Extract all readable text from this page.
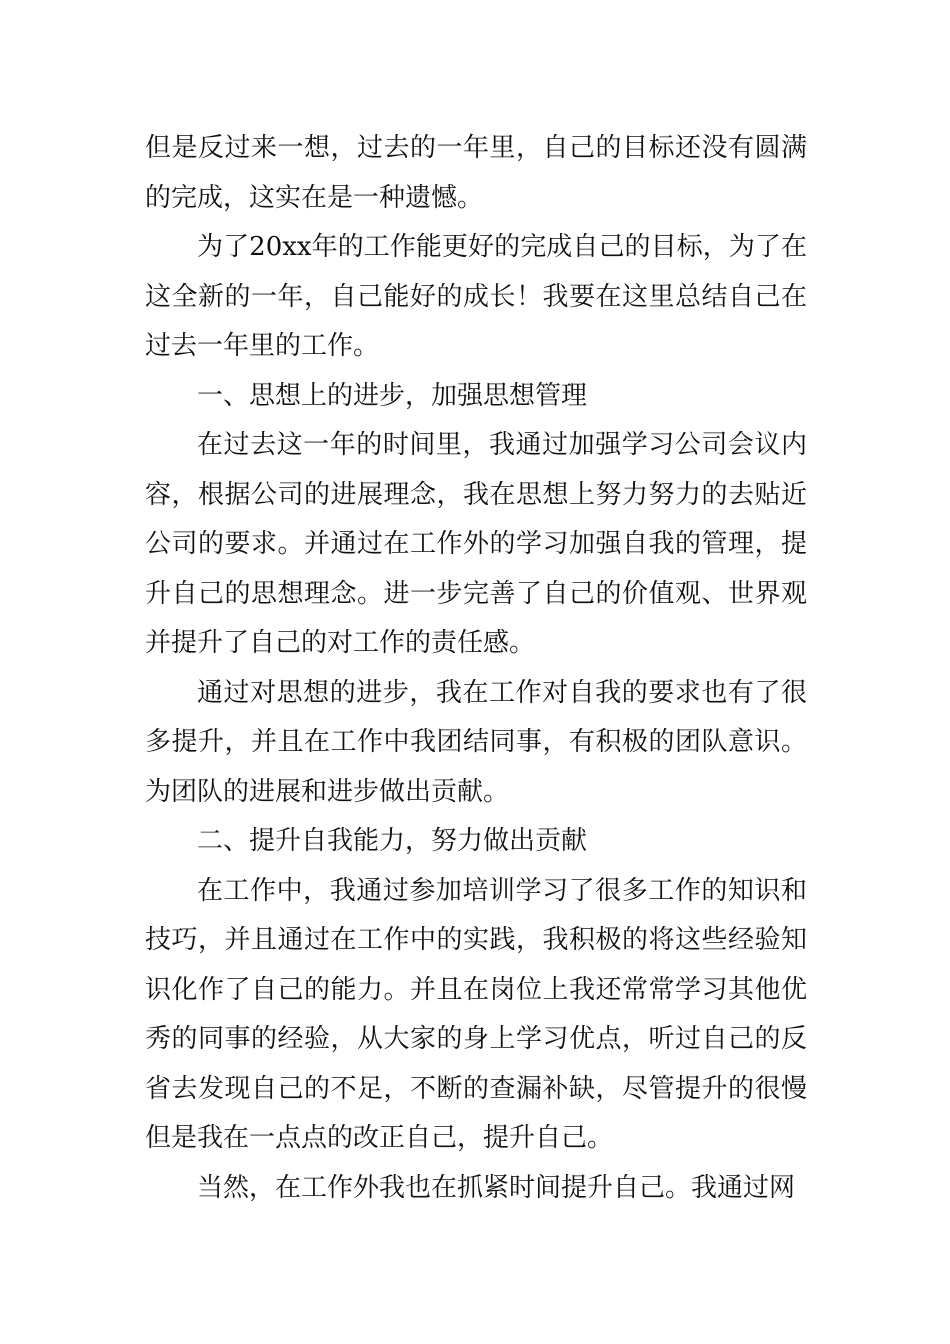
但是反过来一想，过去的一年里，自己的目标还没有圆满的完成，这实在是一种遗憾。

为了20xx年的工作能更好的完成自己的目标，为了在这全新的一年，自己能好的成长！我要在这里总结自己在过去一年里的工作。

一、思想上的进步，加强思想管理

在过去这一年的时间里，我通过加强学习公司会议内容，根据公司的进展理念，我在思想上努力努力的去贴近公司的要求。并通过在工作外的学习加强自我的管理，提升自己的思想理念。进一步完善了自己的价值观、世界观并提升了自己的对工作的责任感。

通过对思想的进步，我在工作对自我的要求也有了很多提升，并且在工作中我团结同事，有积极的团队意识。为团队的进展和进步做出贡献。

二、提升自我能力，努力做出贡献

在工作中，我通过参加培训学习了很多工作的知识和技巧，并且通过在工作中的实践，我积极的将这些经验知识化作了自己的能力。并且在岗位上我还常常学习其他优秀的同事的经验，从大家的身上学习优点，听过自己的反省去发现自己的不足，不断的查漏补缺，尽管提升的很慢但是我在一点点的改正自己，提升自己。

当然，在工作外我也在抓紧时间提升自己。我通过网
